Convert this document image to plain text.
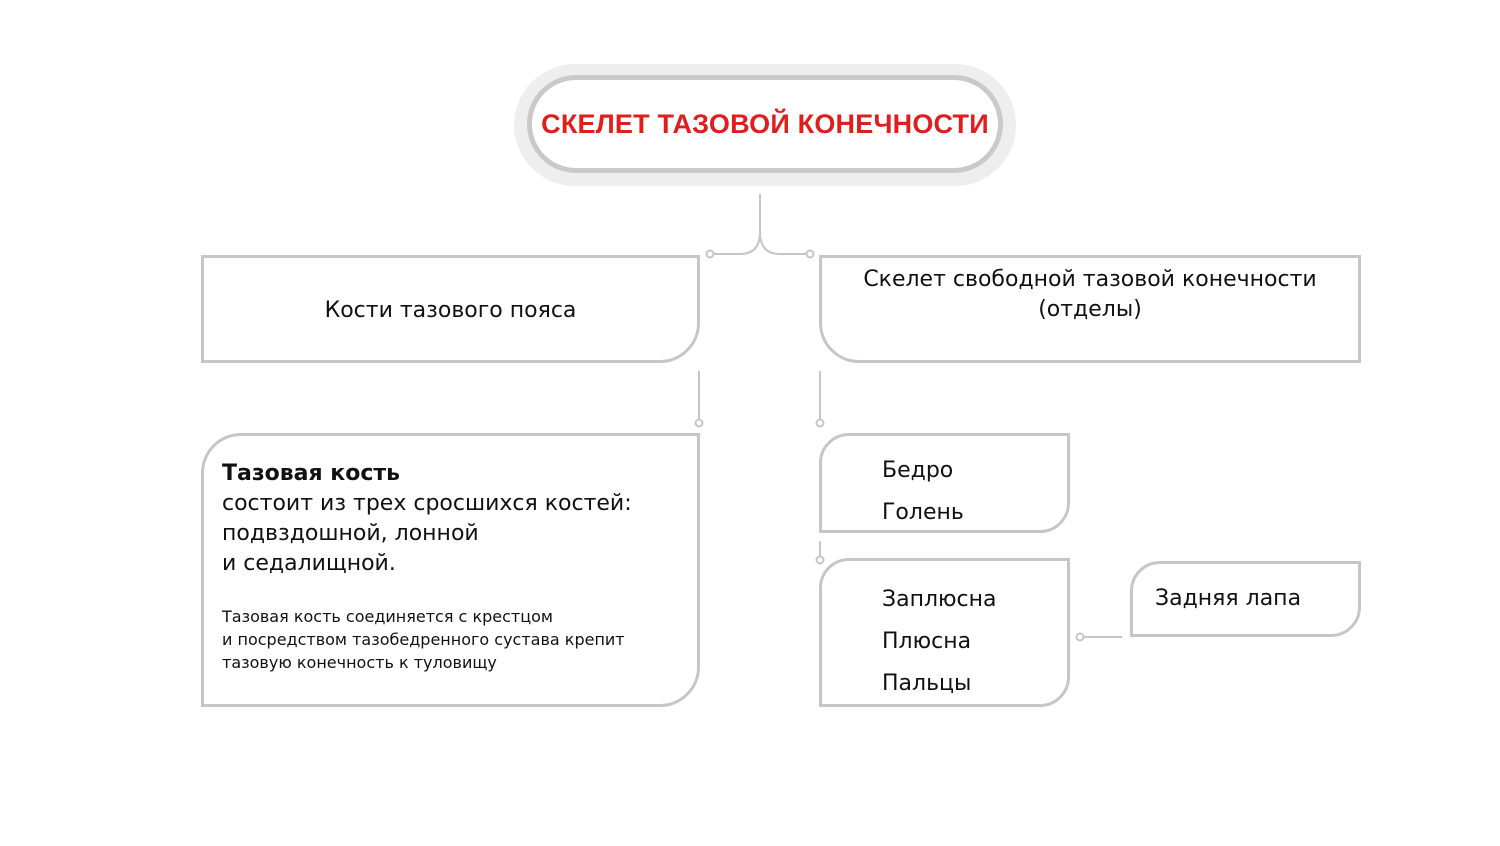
СКЕЛЕТ ТАЗОВОЙ КОНЕЧНОСТИ
Кости тазового пояса
Скелет свободной тазовой конечности
(отделы)

Тазовая кость

состоит из трех сросшихся костей:
подвздошной, лонной
и седалищной.

Тазовая кость соединяется с крестцом
и посредством тазобедренного сустава крепит
тазовую конечность к туловищу

Бедро
Голень
Заплюсна
Плюсна
Пальцы
Задняя лапа
